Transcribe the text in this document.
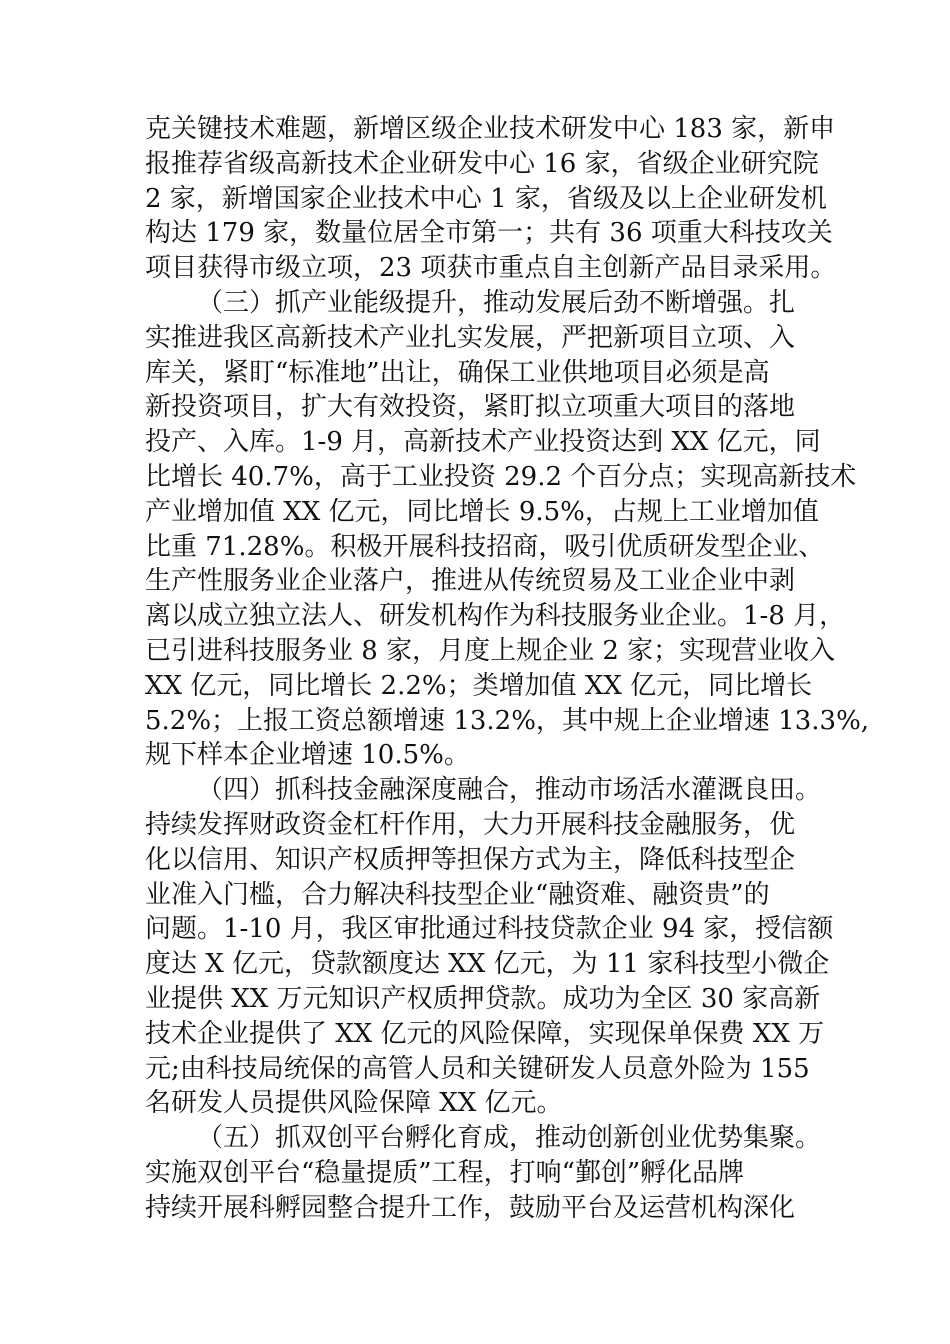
克关键技术难题，新增区级企业技术研发中心 183 家，新申
报推荐省级高新技术企业研发中心 16 家，省级企业研究院
2 家，新增国家企业技术中心 1 家，省级及以上企业研发机
构达 179 家，数量位居全市第一；共有 36 项重大科技攻关
项目获得市级立项，23 项获市重点自主创新产品目录采用。
（三）抓产业能级提升，推动发展后劲不断增强。扎
实推进我区高新技术产业扎实发展，严把新项目立项、入
库关，紧盯“标准地”出让，确保工业供地项目必须是高
新投资项目，扩大有效投资，紧盯拟立项重大项目的落地
投产、入库。1-9 月，高新技术产业投资达到 XX 亿元，同
比增长 40.7%，高于工业投资 29.2 个百分点；实现高新技术
产业增加值 XX 亿元，同比增长 9.5%，占规上工业增加值
比重 71.28%。积极开展科技招商，吸引优质研发型企业、
生产性服务业企业落户，推进从传统贸易及工业企业中剥
离以成立独立法人、研发机构作为科技服务业企业。1-8 月，
已引进科技服务业 8 家，月度上规企业 2 家；实现营业收入
XX 亿元，同比增长 2.2%；类增加值 XX 亿元，同比增长
5.2%；上报工资总额增速 13.2%，其中规上企业增速 13.3%,
规下样本企业增速 10.5%。
（四）抓科技金融深度融合，推动市场活水灌溉良田。
持续发挥财政资金杠杆作用，大力开展科技金融服务，优
化以信用、知识产权质押等担保方式为主，降低科技型企
业准入门槛，合力解决科技型企业“融资难、融资贵”的
问题。1-10 月，我区审批通过科技贷款企业 94 家，授信额
度达 X 亿元，贷款额度达 XX 亿元，为 11 家科技型小微企
业提供 XX 万元知识产权质押贷款。成功为全区 30 家高新
技术企业提供了 XX 亿元的风险保障，实现保单保费 XX 万
元;由科技局统保的高管人员和关键研发人员意外险为 155
名研发人员提供风险保障 XX 亿元。
（五）抓双创平台孵化育成，推动创新创业优势集聚。
实施双创平台“稳量提质”工程，打响“鄞创”孵化品牌
持续开展科孵园整合提升工作，鼓励平台及运营机构深化
